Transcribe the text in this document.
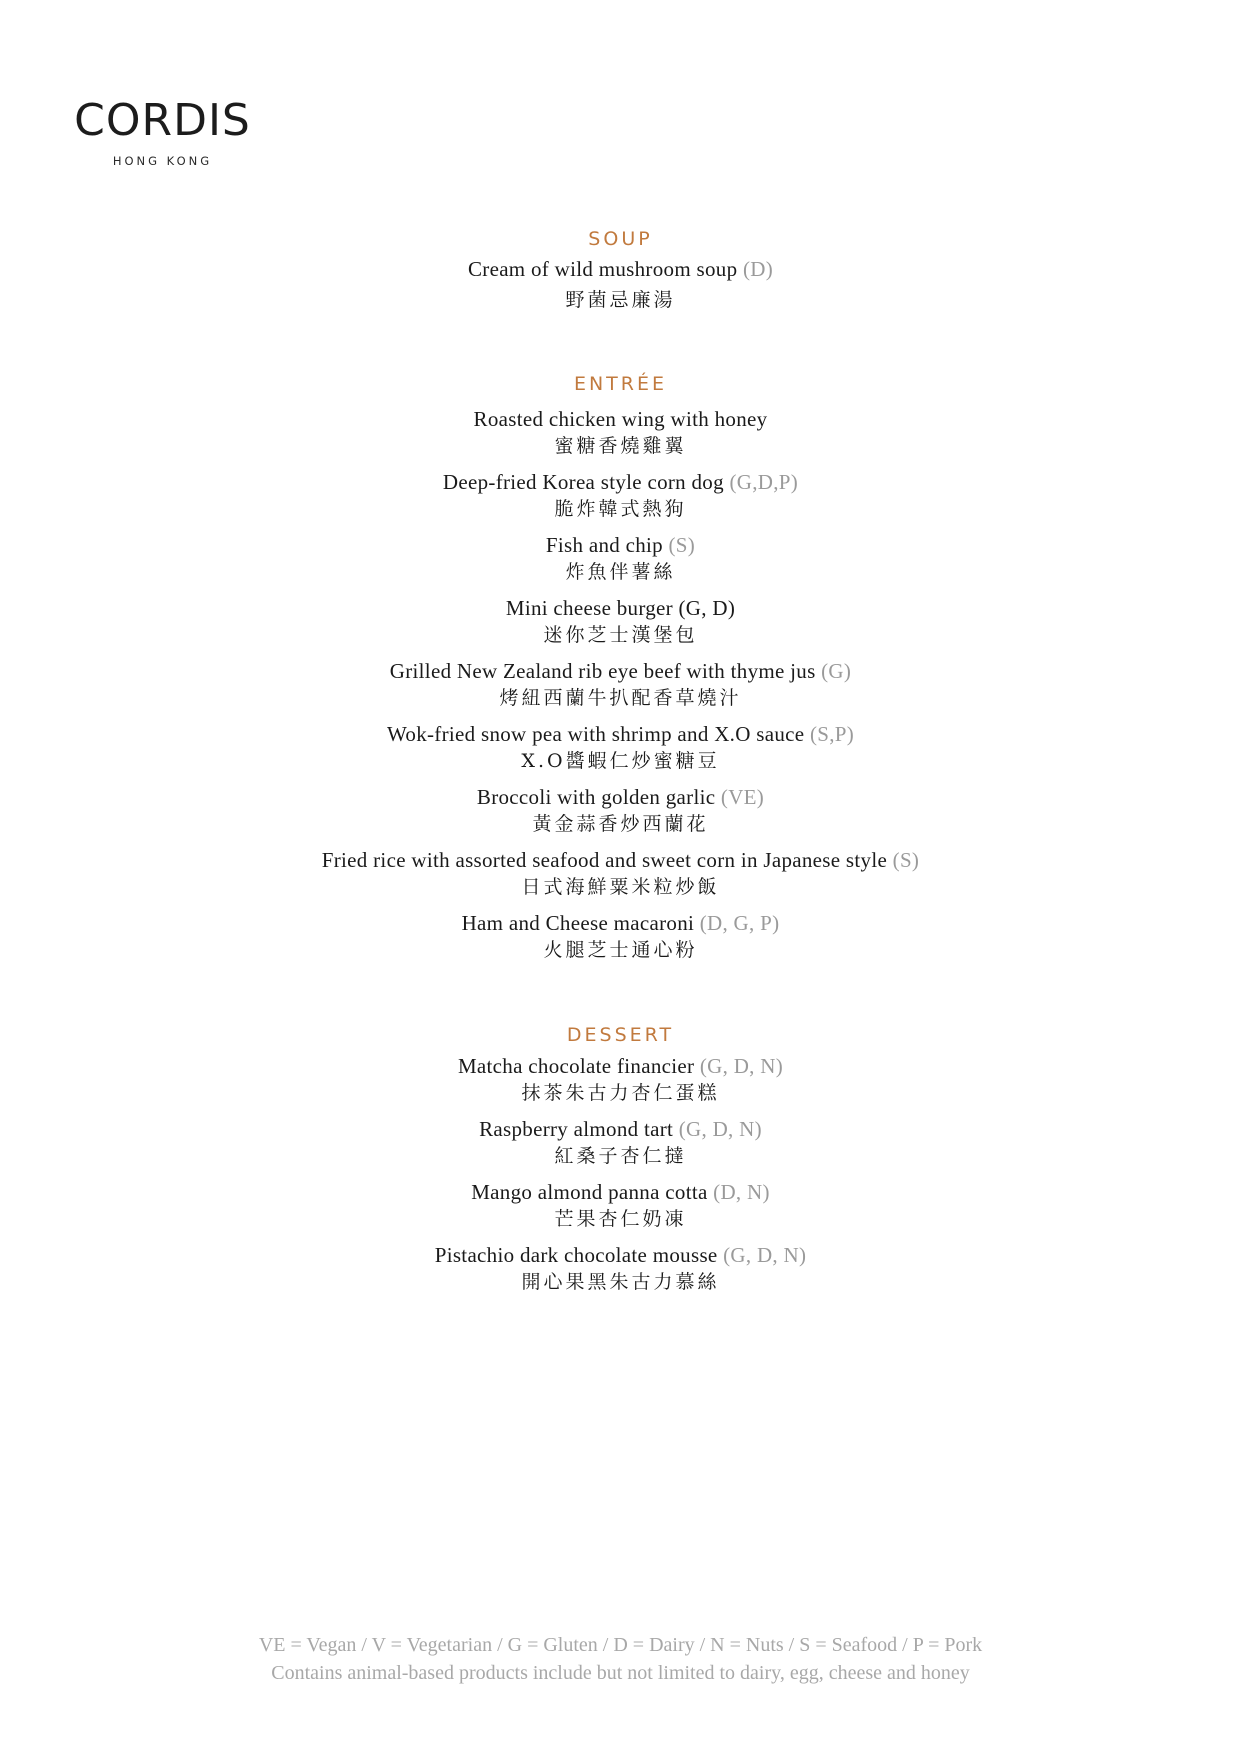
CORDIS
HONG KONG
SOUP
Cream of wild mushroom soup (D)
野菌忌廉湯
ENTRÉE
Roasted chicken wing with honey
蜜糖香燒雞翼
Deep-fried Korea style corn dog (G,D,P)
脆炸韓式熱狗
Fish and chip (S)
炸魚伴薯絲
Mini cheese burger (G, D)
迷你芝士漢堡包
Grilled New Zealand rib eye beef with thyme jus (G)
烤紐西蘭牛扒配香草燒汁
Wok-fried snow pea with shrimp and X.O sauce (S,P)
X.O醬蝦仁炒蜜糖豆
Broccoli with golden garlic (VE)
黃金蒜香炒西蘭花
Fried rice with assorted seafood and sweet corn in Japanese style (S)
日式海鮮粟米粒炒飯
Ham and Cheese macaroni (D, G, P)
火腿芝士通心粉
DESSERT
Matcha chocolate financier (G, D, N)
抹茶朱古力杏仁蛋糕
Raspberry almond tart (G, D, N)
紅桑子杏仁撻
Mango almond panna cotta (D, N)
芒果杏仁奶凍
Pistachio dark chocolate mousse (G, D, N)
開心果黑朱古力慕絲
VE = Vegan / V = Vegetarian / G = Gluten / D = Dairy / N = Nuts / S = Seafood / P = Pork
Contains animal-based products include but not limited to dairy, egg, cheese and honey
